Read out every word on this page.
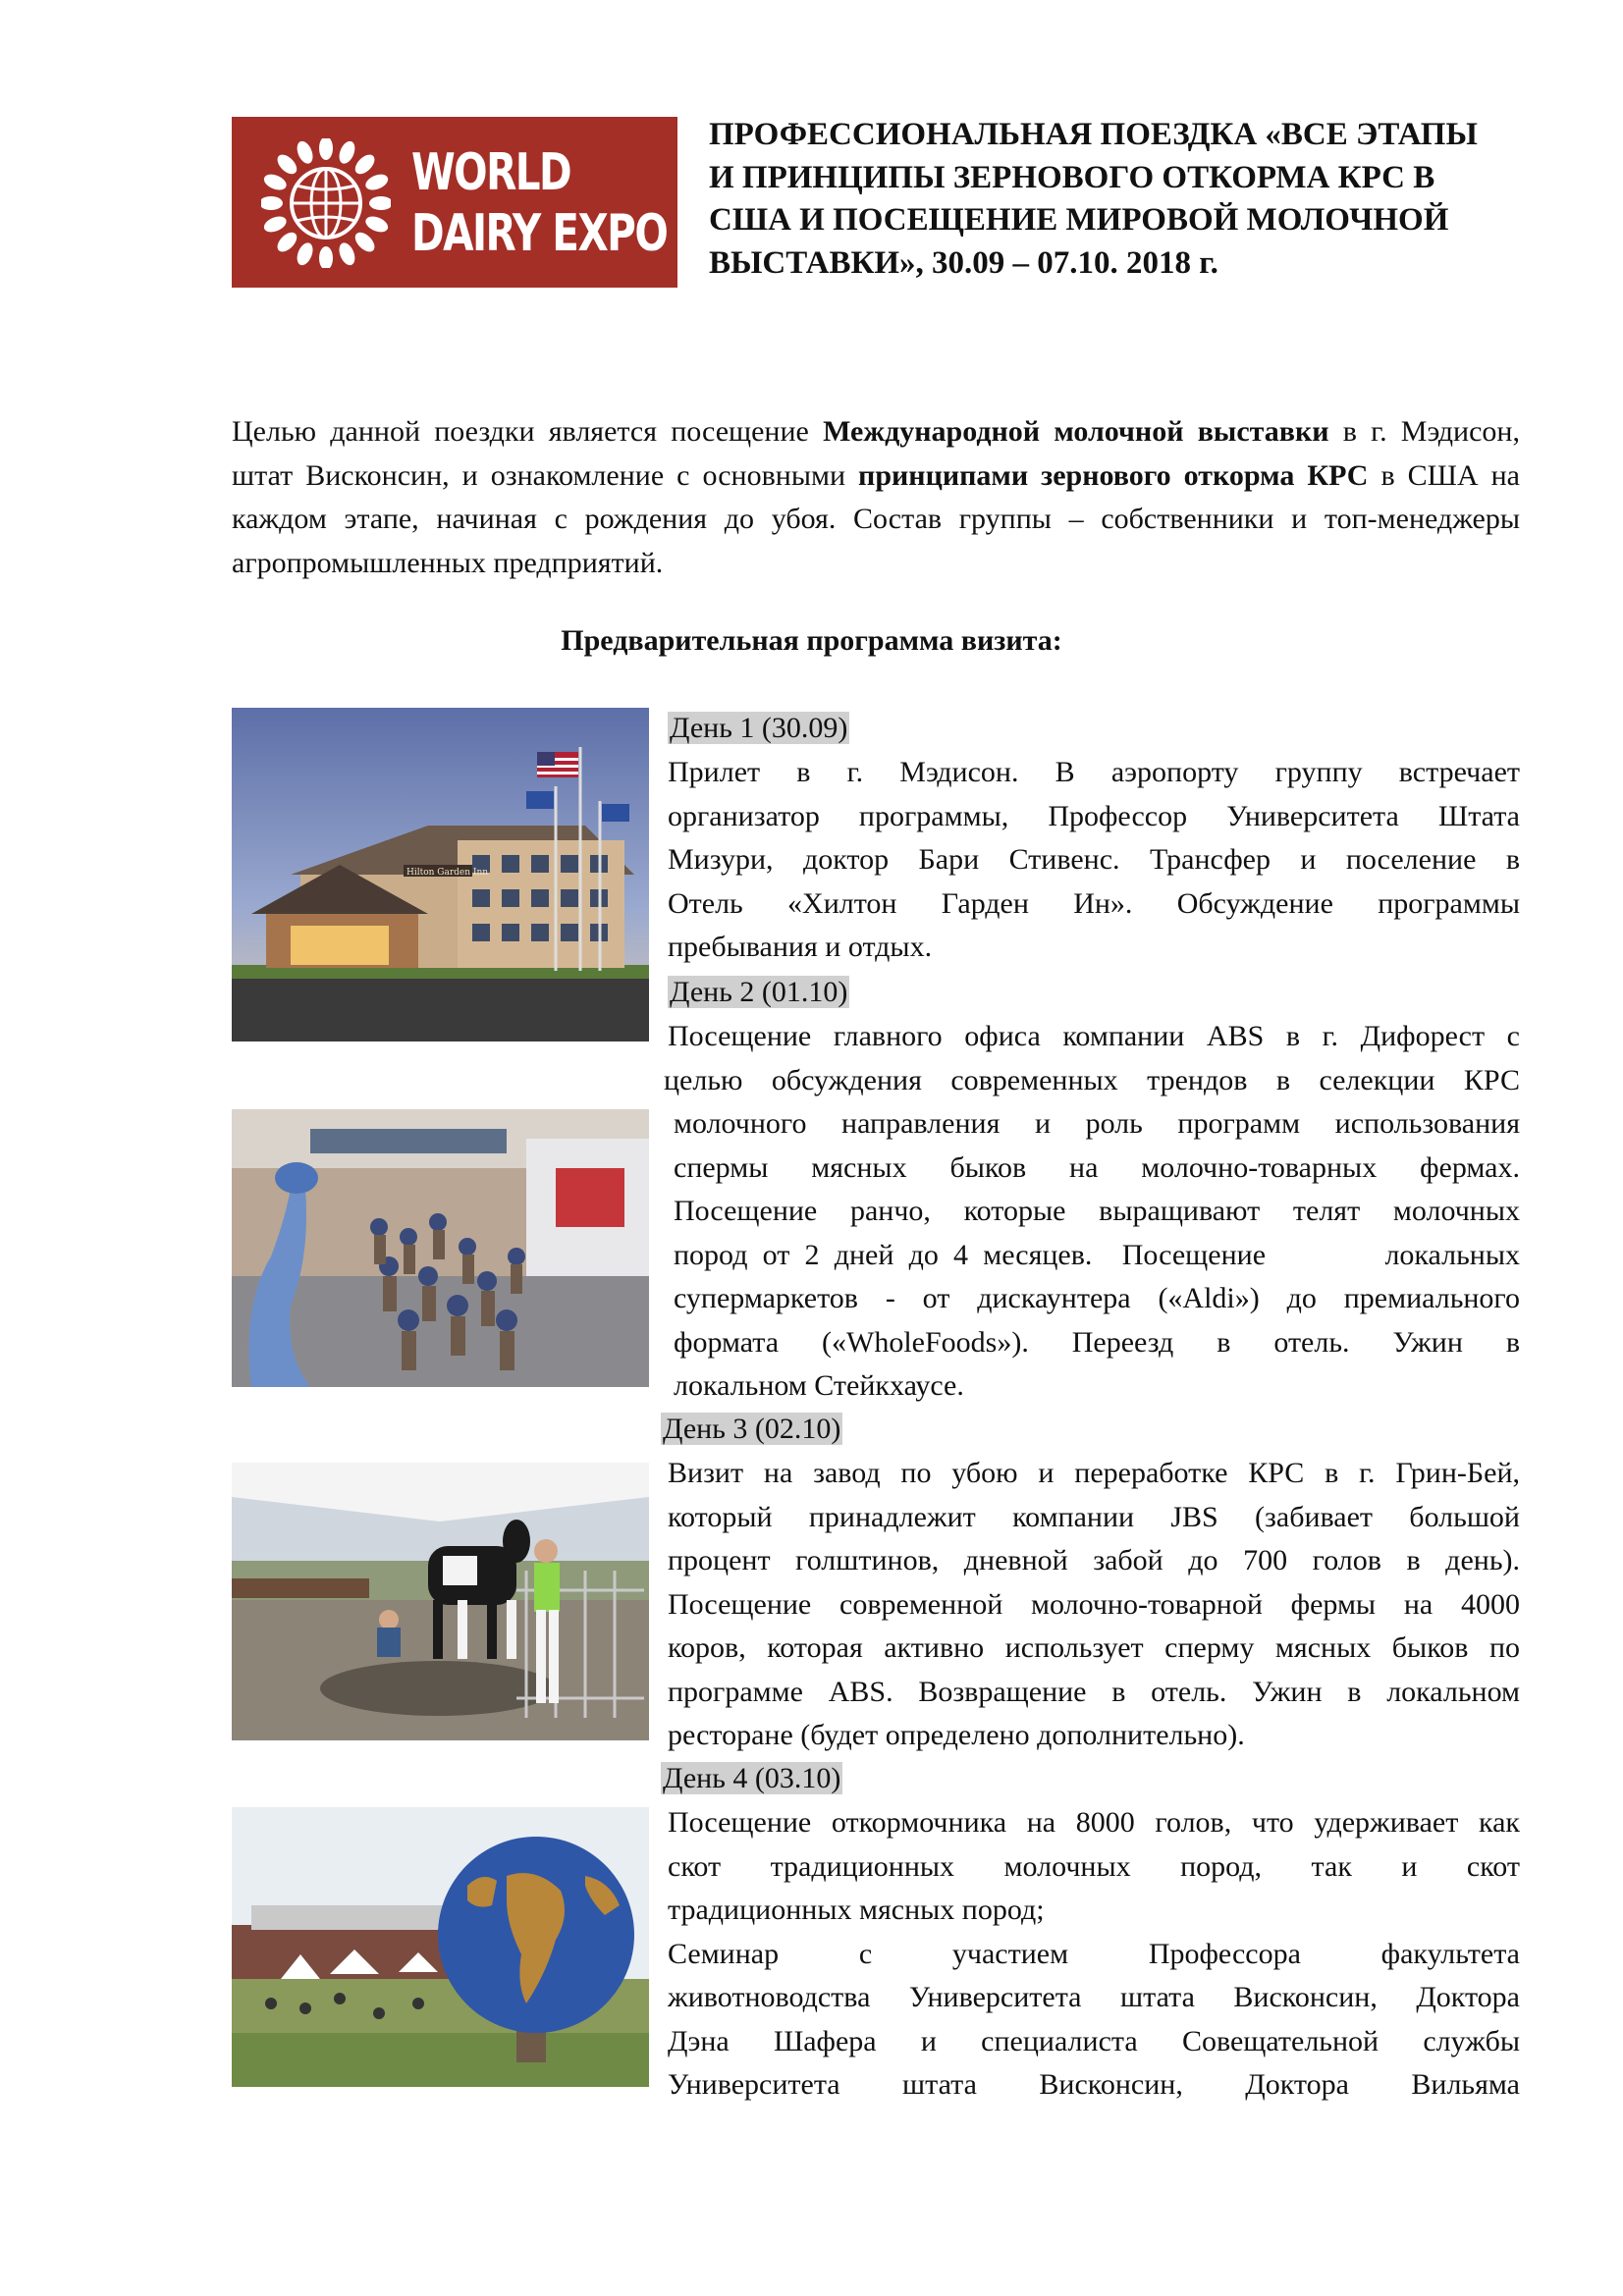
WORLD
DAIRY EXPO
ПРОФЕССИОНАЛЬНАЯ ПОЕЗДКА «ВСЕ ЭТАПЫ
И ПРИНЦИПЫ ЗЕРНОВОГО ОТКОРМА КРС В
США И ПОСЕЩЕНИЕ МИРОВОЙ МОЛОЧНОЙ
ВЫСТАВКИ», 30.09 – 07.10. 2018 г.
Целью данной поездки является посещение Международной молочной выставки в г. Мэдисон, штат Висконсин, и ознакомление с основными принципами зернового откорма КРС в США на каждом этапе, начиная с рождения до убоя. Состав группы – собственники и топ-менеджеры агропромышленных предприятий.
Предварительная программа визита:
Hilton Garden Inn
День 1 (30.09)
Прилет в г. Мэдисон. В аэропорту группу встречает
организатор программы, Профессор Университета Штата
Мизури, доктор Бари Стивенс. Трансфер и поселение в
Отель «Хилтон Гарден Ин». Обсуждение программы
пребывания и отдых.
День 2 (01.10)
Посещение главного офиса компании ABS в г. Дифорест с
целью обсуждения современных трендов в селекции КРС
молочного направления и роль программ использования
спермы мясных быков на молочно-товарных фермах.
Посещение ранчо, которые выращивают телят молочных
пород от 2 дней до 4 месяцев.  Посещение        локальных
супермаркетов - от дискаунтера («Aldi») до премиального
формата («WholeFoods»). Переезд в отель. Ужин в
локальном Стейкхаусе.
День 3 (02.10)
Визит на завод по убою и переработке КРС в г. Грин-Бей,
который принадлежит компании JBS (забивает большой
процент голштинов, дневной забой до 700 голов в день).
Посещение современной молочно-товарной фермы на 4000
коров, которая активно использует сперму мясных быков по
программе ABS. Возвращение в отель. Ужин в локальном
ресторане (будет определено дополнительно).
День 4 (03.10)
Посещение откормочника на 8000 голов, что удерживает как
скот традиционных молочных пород, так и скот
традиционных мясных пород;
Семинар с участием Профессора факультета
животноводства Университета штата Висконсин, Доктора
Дэна Шафера и специалиста Совещательной службы
Университета штата Висконсин, Доктора Вильяма
